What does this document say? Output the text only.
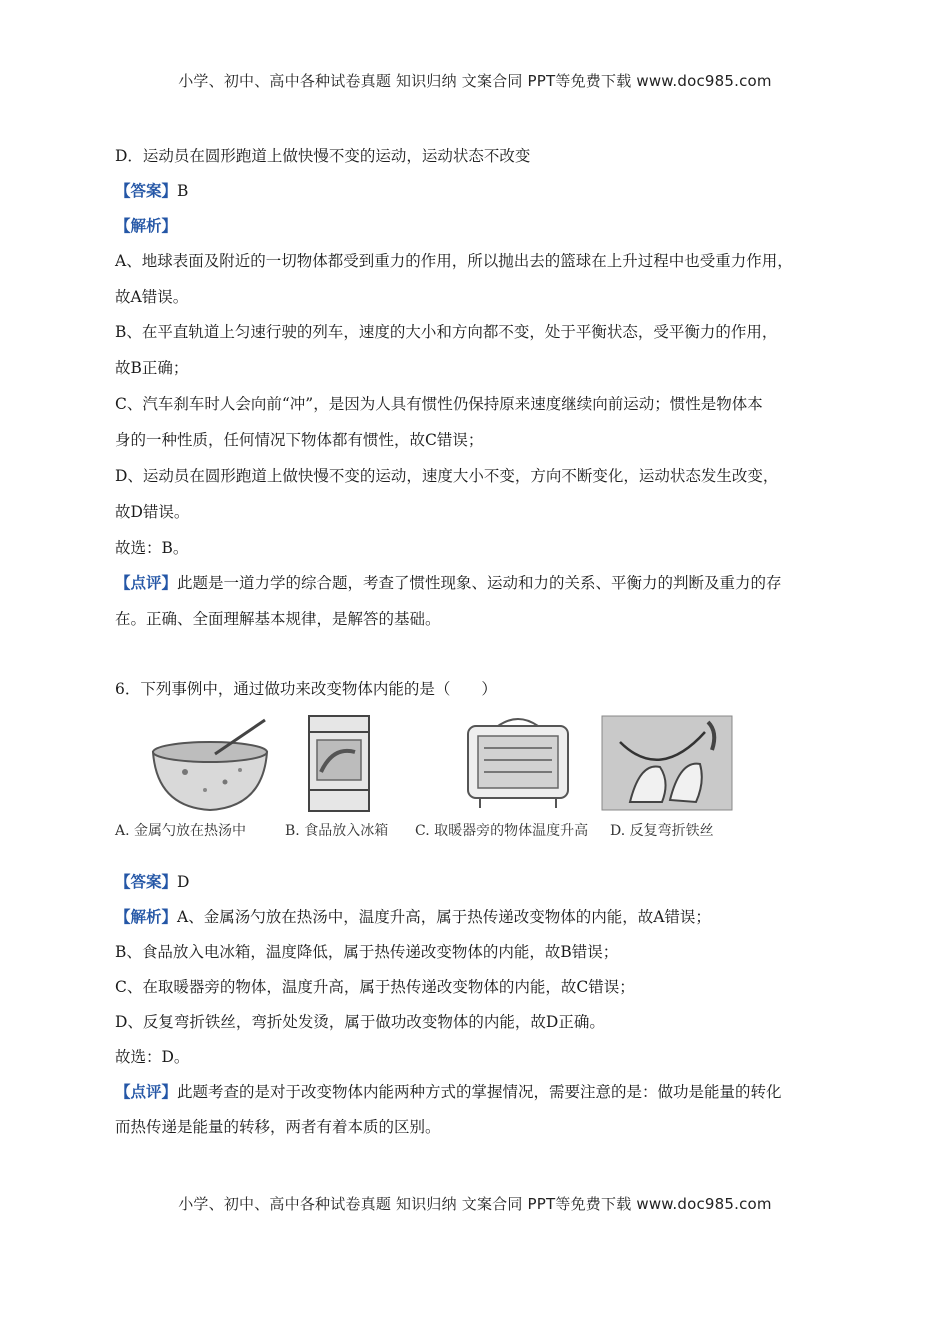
小学、初中、高中各种试卷真题 知识归纳 文案合同 PPT等免费下载 www.doc985.com
D．运动员在圆形跑道上做快慢不变的运动，运动状态不改变
【答案】B
【解析】
A、地球表面及附近的一切物体都受到重力的作用，所以抛出去的篮球在上升过程中也受重力作用，
故A错误。
B、在平直轨道上匀速行驶的列车，速度的大小和方向都不变，处于平衡状态，受平衡力的作用，
故B正确；
C、汽车刹车时人会向前“冲”，是因为人具有惯性仍保持原来速度继续向前运动；惯性是物体本
身的一种性质，任何情况下物体都有惯性，故C错误；
D、运动员在圆形跑道上做快慢不变的运动，速度大小不变，方向不断变化，运动状态发生改变，
故D错误。
故选：B。
【点评】此题是一道力学的综合题，考查了惯性现象、运动和力的关系、平衡力的判断及重力的存
在。正确、全面理解基本规律，是解答的基础。
6．下列事例中，通过做功来改变物体内能的是（　　）
A. 金属勺放在热汤中	B. 食品放入冰箱 C. 取暖器旁的物体温度升高 D. 反复弯折铁丝
【答案】D
【解析】A、金属汤勺放在热汤中，温度升高，属于热传递改变物体的内能，故A错误；
B、食品放入电冰箱，温度降低，属于热传递改变物体的内能，故B错误；
C、在取暖器旁的物体，温度升高，属于热传递改变物体的内能，故C错误；
D、反复弯折铁丝，弯折处发烫，属于做功改变物体的内能，故D正确。
故选：D。
【点评】此题考查的是对于改变物体内能两种方式的掌握情况，需要注意的是：做功是能量的转化
而热传递是能量的转移，两者有着本质的区别。
小学、初中、高中各种试卷真题 知识归纳 文案合同 PPT等免费下载 www.doc985.com
